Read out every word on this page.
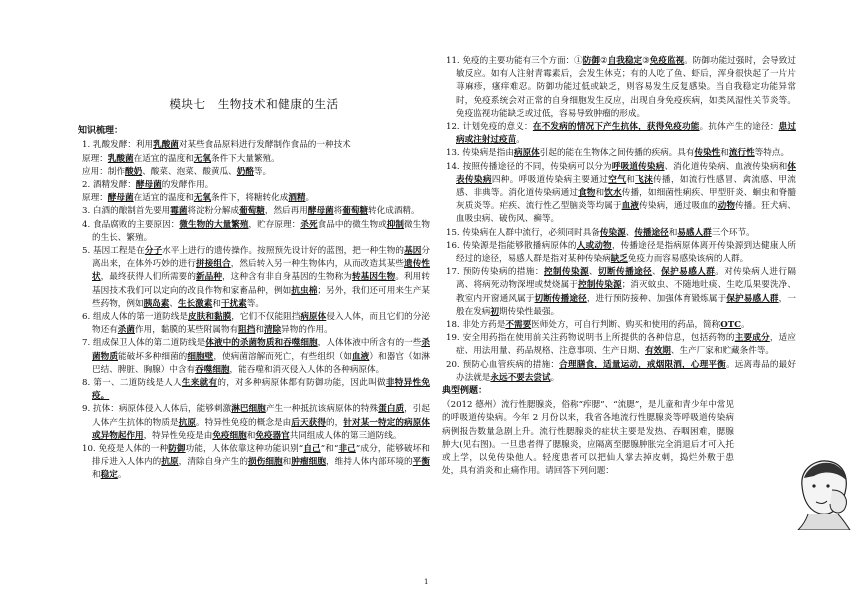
模块七　生物技术和健康的生活
知识梳理：
1. 乳酸发酵：利用乳酸菌对某些食品原料进行发酵制作食品的一种技术
原理：乳酸菌在适宜的温度和无氧条件下大量繁殖。
应用：制作酸奶、酸菜、泡菜、酸黄瓜、奶酪等。
2. 酒精发酵：酵母菌的发酵作用。
原理：酵母菌在适宜的温度和无氧条件下，将糖转化成酒精。
3. 白酒的酿制首先要用霉菌将淀粉分解成葡萄糖，然后再用酵母菌将葡萄糖转化成酒精。
4. 食品腐败的主要原因：微生物的大量繁殖，贮存原理：杀死食品中的微生物或抑制微生物的生长、繁殖。
5. 基因工程是在分子水平上进行的遗传操作。按照预先设计好的蓝图，把一种生物的基因分离出来，在体外巧妙的进行拼接组合，然后转入另一种生物体内，从而改造其某些遗传性状，最终获得人们所需要的新品种，这种含有非自身基因的生物称为转基因生物。利用转基因技术我们可以定向的改良作物和家畜品种，例如抗虫棉；另外，我们还可用来生产某些药物，例如胰岛素、生长激素和干扰素等。
6. 组成人体的第一道防线是皮肤和黏膜，它们不仅能阻挡病原体侵入人体，而且它们的分泌物还有杀菌作用，黏膜的某些附属物有阻挡和清除异物的作用。
7. 组成保卫人体的第二道防线是体液中的杀菌物质和吞噬细胞，人体体液中所含有的一些杀菌物质能破坏多种细菌的细胞壁，使病菌溶解而死亡，有些组织（如血液）和器官（如淋巴结、脾脏、胸腺）中含有吞噬细胞，能吞噬和消灭侵入人体的各种病原体。
8. 第一、二道防线是人人生来就有的，对多种病原体都有防御功能，因此叫做非特异性免疫。
9. 抗体：病原体侵入人体后，能够刺激淋巴细胞产生一种抵抗该病原体的特殊蛋白质，引起人体产生抗体的物质是抗原。特异性免疫的概念是由后天获得的，针对某一特定的病原体或异物起作用，特异性免疫是由免疫细胞和免疫器官共同组成人体的第三道防线。
10. 免疫是人体的一种防御功能，人体依靠这种功能识别“自己”和“非己”成分，能够破坏和排斥进入人体内的抗原，清除自身产生的损伤细胞和肿瘤细胞，维持人体内部环境的平衡和稳定。
11. 免疫的主要功能有三个方面：①防御②自我稳定③免疫监视。防御功能过强时，会导致过敏反应。如有人注射青霉素后，会发生休克；有的人吃了鱼、虾后，浑身很快起了一片片荨麻疹，瘙痒难忍。防御功能过低或缺乏，则容易发生反复感染。当自我稳定功能异常时，免疫系统会对正常的自身细胞发生反应，出现自身免疫疾病，如类风湿性关节炎等。免疫监视功能缺乏或过低，容易导致肿瘤的形成。
12. 计划免疫的意义：在不发病的情况下产生抗体，获得免疫功能。抗体产生的途径：患过病或注射过疫苗。
13. 传染病是指由病原体引起的能在生物体之间传播的疾病。具有传染性和流行性等特点。
14. 按照传播途径的不同，传染病可以分为呼吸道传染病、消化道传染病、血液传染病和体表传染病四种。呼吸道传染病主要通过空气和飞沫传播，如流行性感冒、禽流感、甲流感、非典等。消化道传染病通过食物和饮水传播，如细菌性痢疾、甲型肝炎、蛔虫和脊髓灰质炎等。疟疾、流行性乙型脑炎等均属于血液传染病，通过吸血的动物传播。狂犬病、血吸虫病、破伤风、癣等。
15. 传染病在人群中流行，必须同时具备传染源、传播途径和易感人群三个环节。
16. 传染源是指能够散播病原体的人或动物，传播途径是指病原体离开传染源到达健康人所经过的途径，易感人群是指对某种传染病缺乏免疫力而容易感染该病的人群。
17. 预防传染病的措施：控制传染源、切断传播途径、保护易感人群。对传染病人进行隔离、将病死动物深埋或焚烧属于控制传染源；消灭蚊虫、不随地吐痰、生吃瓜果要洗净、教室内开窗通风属于切断传播途径，进行预防接种、加强体育锻炼属于保护易感人群，一般在发病初期传染性最强。
18. 非处方药是不需要医师处方，可自行判断、购买和使用的药品，简称OTC。
19. 安全用药指在使用前关注药物说明书上所提供的各种信息，包括药物的主要成分，适应症、用法用量、药品规格、注意事项、生产日期、有效期、生产厂家和贮藏条件等。
20. 预防心血管疾病的措施：合理膳食，适量运动，戒烟限酒，心理平衡。远离毒品的最好办法就是永远不要去尝试。
典型例题：
（2012 德州）流行性腮腺炎，俗称“痄腮”、“流腮”，是儿童和青少年中常见的呼吸道传染病。今年 2 月份以来，我省各地流行性腮腺炎等呼吸道传染病病例报告数量急剧上升。流行性腮腺炎的症状主要是发热、吞咽困难，腮腺肿大(见右图)。一旦患者得了腮腺炎，应隔离至腮腺肿胀完全消退后才可入托或上学，以免传染他人。轻度患者可以把仙人掌去掉皮刺，捣烂外敷于患处，具有消炎和止痛作用。请回答下列问题：
1
